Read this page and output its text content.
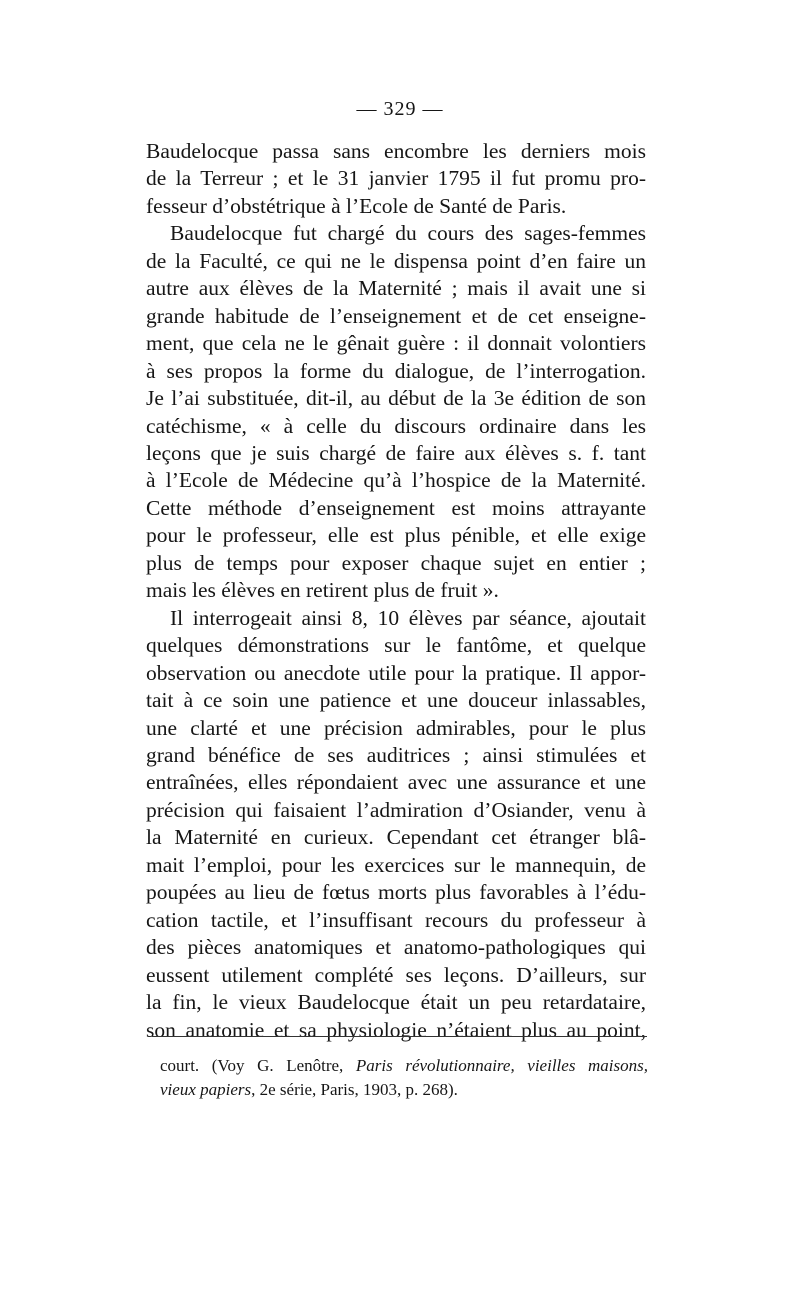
— 329 —

Baudelocque passa sans encombre les derniers mois

de la Terreur ; et le 31 janvier 1795 il fut promu pro-

fesseur d’obstétrique à l’Ecole de Santé de Paris.

Baudelocque fut chargé du cours des sages-femmes

de la Faculté, ce qui ne le dispensa point d’en faire un

autre aux élèves de la Maternité ; mais il avait une si

grande habitude de l’enseignement et de cet enseigne-

ment, que cela ne le gênait guère : il donnait volontiers

à ses propos la forme du dialogue, de l’interrogation.

Je l’ai substituée, dit-il, au début de la 3e édition de son

catéchisme, « à celle du discours ordinaire dans les

leçons que je suis chargé de faire aux élèves s. f. tant

à l’Ecole de Médecine qu’à l’hospice de la Maternité.

Cette méthode d’enseignement est moins attrayante

pour le professeur, elle est plus pénible, et elle exige

plus de temps pour exposer chaque sujet en entier ;

mais les élèves en retirent plus de fruit ».

Il interrogeait ainsi 8, 10 élèves par séance, ajoutait

quelques démonstrations sur le fantôme, et quelque

observation ou anecdote utile pour la pratique. Il appor-

tait à ce soin une patience et une douceur inlassables,

une clarté et une précision admirables, pour le plus

grand bénéfice de ses auditrices ; ainsi stimulées et

entraînées, elles répondaient avec une assurance et une

précision qui faisaient l’admiration d’Osiander, venu à

la Maternité en curieux. Cependant cet étranger blâ-

mait l’emploi, pour les exercices sur le mannequin, de

poupées au lieu de fœtus morts plus favorables à l’édu-

cation tactile, et l’insuffisant recours du professeur à

des pièces anatomiques et anatomo-pathologiques qui

eussent utilement complété ses leçons. D’ailleurs, sur

la fin, le vieux Baudelocque était un peu retardataire,

son anatomie et sa physiologie n’étaient plus au point,

court. (Voy G. Lenôtre, Paris révolutionnaire, vieilles maisons,

vieux papiers, 2e série, Paris, 1903, p. 268).
